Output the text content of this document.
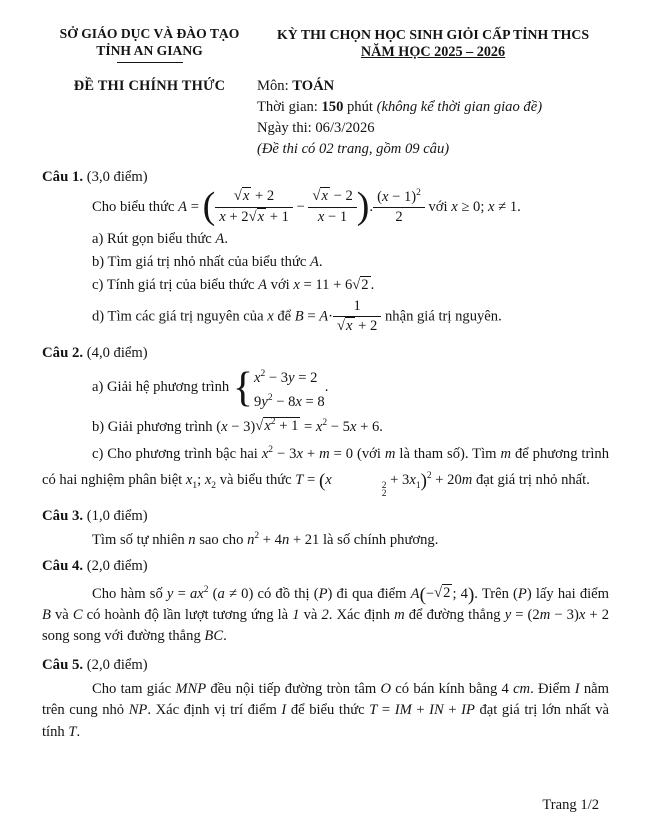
SỞ GIÁO DỤC VÀ ĐÀO TẠO
TỈNH AN GIANG
ĐỀ THI CHÍNH THỨC
KỲ THI CHỌN HỌC SINH GIỎI CẤP TỈNH THCS
NĂM HỌC 2025 – 2026
Môn: TOÁN
Thời gian: 150 phút (không kể thời gian giao đề)
Ngày thi: 06/3/2026
(Đề thi có 02 trang, gồm 09 câu)
Câu 1. (3,0 điểm)
Cho biểu thức A = ( √ $\frac{x + 2}{x + 2 √ x + 1}$ − √ $\frac{x - 2}{x - 1}$ ). $\frac{(x - 1)^2}{2}$ với x ≥ 0; x ≠ 1.
a) Rút gọn biểu thức A.
b) Tìm giá trị nhỏ nhất của biểu thức A.
c) Tính giá trị của biểu thức A với x = 11 + 6 √ 2 .
d) Tìm các giá trị nguyên của x để B = A· 1
√ x + 2 nhận giá trị nguyên.
Câu 2. (4,0 điểm)
a) Giải hệ phương trình { $x^2 - 3y = 2$
$9y^2 - 8x = 8$
.
b) Giải phương trình (x − 3) √ $x^2 + 1 = x^2 - 5x + 6$.
c) Cho phương trình bậc hai $x^2 - 3x + m = 0$ (với m là tham số). Tìm m để phương trình có hai nghiệm phân biệt $x_1$; $x_2$ và biểu thức T = (x	2
2
+ $3x_1)^2 + 20m$ đạt giá trị nhỏ nhất.
Câu 3. (1,0 điểm)
Tìm số tự nhiên n sao cho $n^2 + 4n + 21$ là số chính phương.
Câu 4. (2,0 điểm)
Cho hàm số $y = ax^2$ (a ≠ 0) có đồ thị (P) đi qua điểm A(− √ 2 ; 4). Trên (P) lấy hai điểm B và C có hoành độ lần lượt tương ứng là 1 và 2. Xác định m để đường thẳng y = (2m − 3)x + 2 song song với đường thẳng BC.
Câu 5. (2,0 điểm)
Cho tam giác MNP đều nội tiếp đường tròn tâm O có bán kính bằng 4 cm. Điểm I nằm trên cung nhỏ NP. Xác định vị trí điểm I để biểu thức T = IM + IN + IP đạt giá trị lớn nhất và tính T.
Trang 1/2
